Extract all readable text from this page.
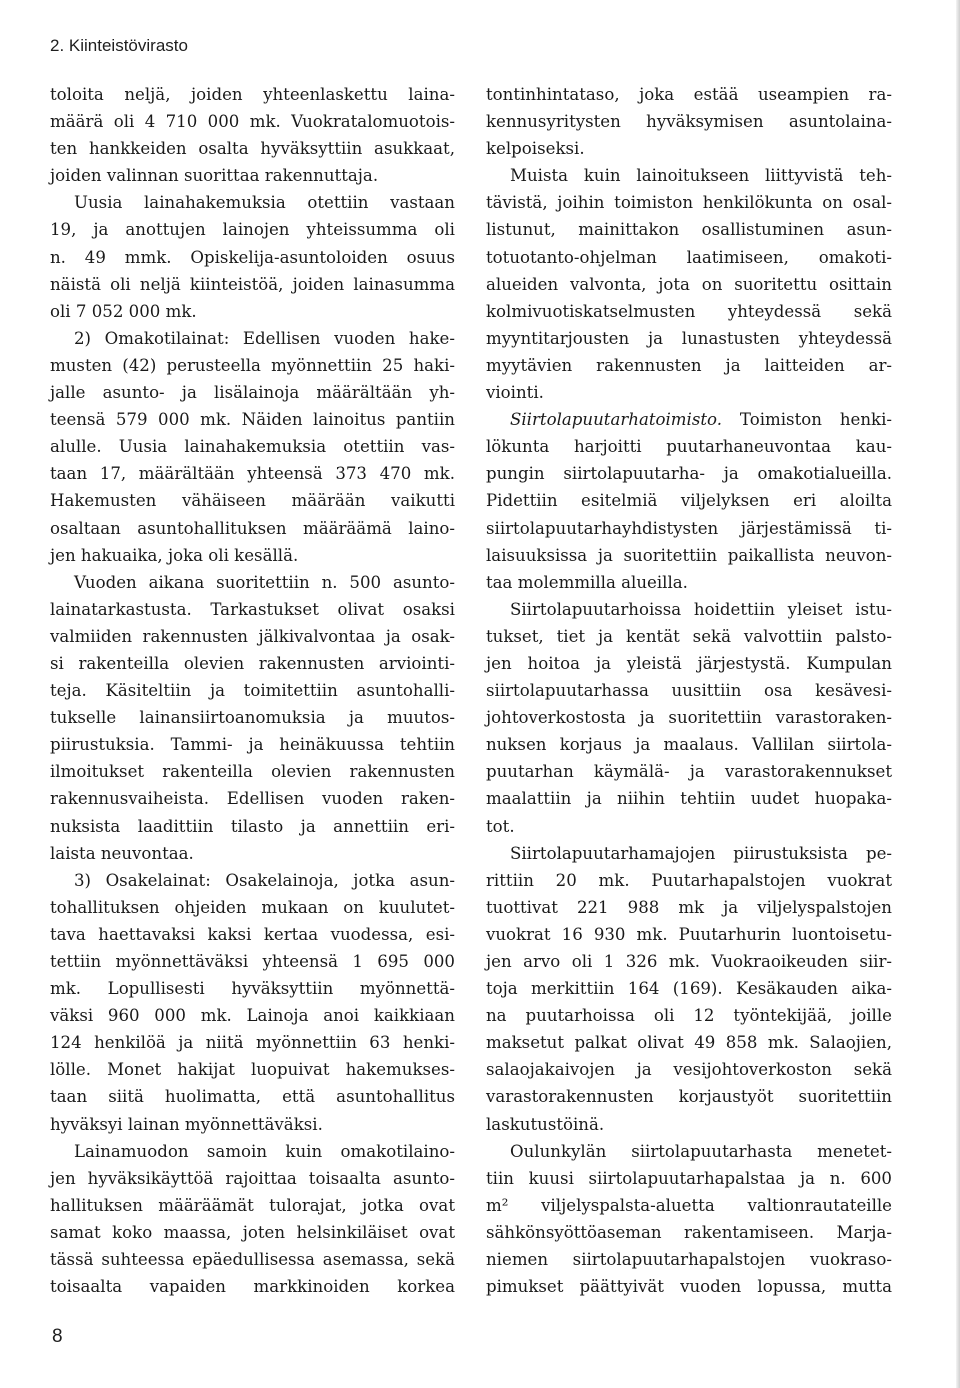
2. Kiinteistövirasto
toloita neljä, joiden yhteenlaskettu laina-
määrä oli 4 710 000 mk. Vuokratalomuotois-
ten hankkeiden osalta hyväksyttiin asukkaat,
joiden valinnan suorittaa rakennuttaja.
Uusia lainahakemuksia otettiin vastaan
19, ja anottujen lainojen yhteissumma oli
n. 49 mmk. Opiskelija-asuntoloiden osuus
näistä oli neljä kiinteistöä, joiden lainasumma
oli 7 052 000 mk.
2) Omakotilainat: Edellisen vuoden hake-
musten (42) perusteella myönnettiin 25 haki-
jalle asunto- ja lisälainoja määrältään yh-
teensä 579 000 mk. Näiden lainoitus pantiin
alulle. Uusia lainahakemuksia otettiin vas-
taan 17, määrältään yhteensä 373 470 mk.
Hakemusten vähäiseen määrään vaikutti
osaltaan asuntohallituksen määräämä laino-
jen hakuaika, joka oli kesällä.
Vuoden aikana suoritettiin n. 500 asunto-
lainatarkastusta. Tarkastukset olivat osaksi
valmiiden rakennusten jälkivalvontaa ja osak-
si rakenteilla olevien rakennusten arviointi-
teja. Käsiteltiin ja toimitettiin asuntohalli-
tukselle lainansiirtoanomuksia ja muutos-
piirustuksia. Tammi- ja heinäkuussa tehtiin
ilmoitukset rakenteilla olevien rakennusten
rakennusvaiheista. Edellisen vuoden raken-
nuksista laadittiin tilasto ja annettiin eri-
laista neuvontaa.
3) Osakelainat: Osakelainoja, jotka asun-
tohallituksen ohjeiden mukaan on kuulutet-
tava haettavaksi kaksi kertaa vuodessa, esi-
tettiin myönnettäväksi yhteensä 1 695 000
mk. Lopullisesti hyväksyttiin myönnettä-
väksi 960 000 mk. Lainoja anoi kaikkiaan
124 henkilöä ja niitä myönnettiin 63 henki-
lölle. Monet hakijat luopuivat hakemukses-
taan siitä huolimatta, että asuntohallitus
hyväksyi lainan myönnettäväksi.
Lainamuodon samoin kuin omakotilaino-
jen hyväksikäyttöä rajoittaa toisaalta asunto-
hallituksen määräämät tulorajat, jotka ovat
samat koko maassa, joten helsinkiläiset ovat
tässä suhteessa epäedullisessa asemassa, sekä
toisaalta vapaiden markkinoiden korkea
tontinhintataso, joka estää useampien ra-
kennusyritysten hyväksymisen asuntolaina-
kelpoiseksi.
Muista kuin lainoitukseen liittyvistä teh-
tävistä, joihin toimiston henkilökunta on osal-
listunut, mainittakon osallistuminen asun-
totuotanto-ohjelman laatimiseen, omakoti-
alueiden valvonta, jota on suoritettu osittain
kolmivuotiskatselmusten yhteydessä sekä
myyntitarjousten ja lunastusten yhteydessä
myytävien rakennusten ja laitteiden ar-
viointi.
Siirtolapuutarhatoimisto. Toimiston henki-
lökunta harjoitti puutarhaneuvontaa kau-
pungin siirtolapuutarha- ja omakotialueilla.
Pidettiin esitelmiä viljelyksen eri aloilta
siirtolapuutarhayhdistysten järjestämissä ti-
laisuuksissa ja suoritettiin paikallista neuvon-
taa molemmilla alueilla.
Siirtolapuutarhoissa hoidettiin yleiset istu-
tukset, tiet ja kentät sekä valvottiin palsto-
jen hoitoa ja yleistä järjestystä. Kumpulan
siirtolapuutarhassa uusittiin osa kesävesi-
johtoverkostosta ja suoritettiin varastoraken-
nuksen korjaus ja maalaus. Vallilan siirtola-
puutarhan käymälä- ja varastorakennukset
maalattiin ja niihin tehtiin uudet huopaka-
tot.
Siirtolapuutarhamajojen piirustuksista pe-
rittiin 20 mk. Puutarhapalstojen vuokrat
tuottivat 221 988 mk ja viljelyspalstojen
vuokrat 16 930 mk. Puutarhurin luontoisetu-
jen arvo oli 1 326 mk. Vuokraoikeuden siir-
toja merkittiin 164 (169). Kesäkauden aika-
na puutarhoissa oli 12 työntekijää, joille
maksetut palkat olivat 49 858 mk. Salaojien,
salaojakaivojen ja vesijohtoverkoston sekä
varastorakennusten korjaustyöt suoritettiin
laskutustöinä.
Oulunkylän siirtolapuutarhasta menetet-
tiin kuusi siirtolapuutarhapalstaa ja n. 600
m² viljelyspalsta-aluetta valtionrautateille
sähkönsyöttöaseman rakentamiseen. Marja-
niemen siirtolapuutarhapalstojen vuokraso-
pimukset päättyivät vuoden lopussa, mutta
8
